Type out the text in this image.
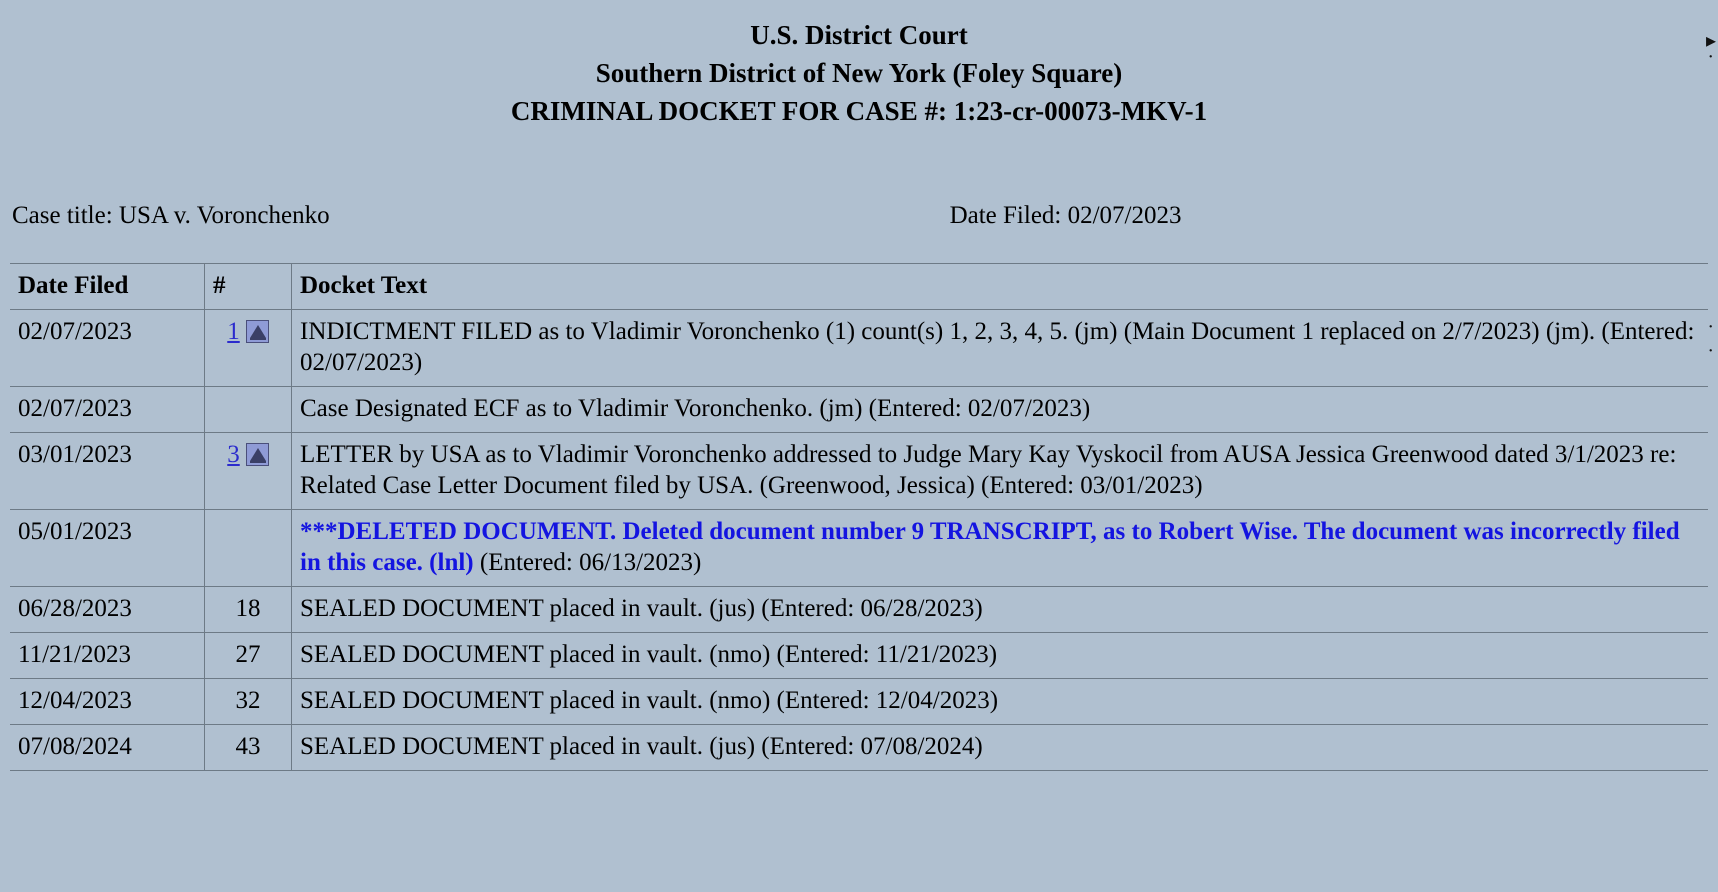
U.S. District Court
Southern District of New York (Foley Square)
CRIMINAL DOCKET FOR CASE #: 1:23-cr-00073-MKV-1
Case title: USA v. Voronchenko	Date Filed: 02/07/2023
Date Filed	#	Docket Text
02/07/2023	1	INDICTMENT FILED as to Vladimir Voronchenko (1) count(s) 1, 2, 3, 4, 5. (jm) (Main Document 1 replaced on 2/7/2023) (jm). (Entered: 02/07/2023)
02/07/2023		Case Designated ECF as to Vladimir Voronchenko. (jm) (Entered: 02/07/2023)
03/01/2023	3	LETTER by USA as to Vladimir Voronchenko addressed to Judge Mary Kay Vyskocil from AUSA Jessica Greenwood dated 3/1/2023 re: Related Case Letter Document filed by USA. (Greenwood, Jessica) (Entered: 03/01/2023)
05/01/2023		***DELETED DOCUMENT. Deleted document number 9 TRANSCRIPT, as to Robert Wise. The document was incorrectly filed in this case. (lnl) (Entered: 06/13/2023)
06/28/2023	18	SEALED DOCUMENT placed in vault. (jus) (Entered: 06/28/2023)
11/21/2023	27	SEALED DOCUMENT placed in vault. (nmo) (Entered: 11/21/2023)
12/04/2023	32	SEALED DOCUMENT placed in vault. (nmo) (Entered: 12/04/2023)
07/08/2024	43	SEALED DOCUMENT placed in vault. (jus) (Entered: 07/08/2024)
▸
·
·
·
